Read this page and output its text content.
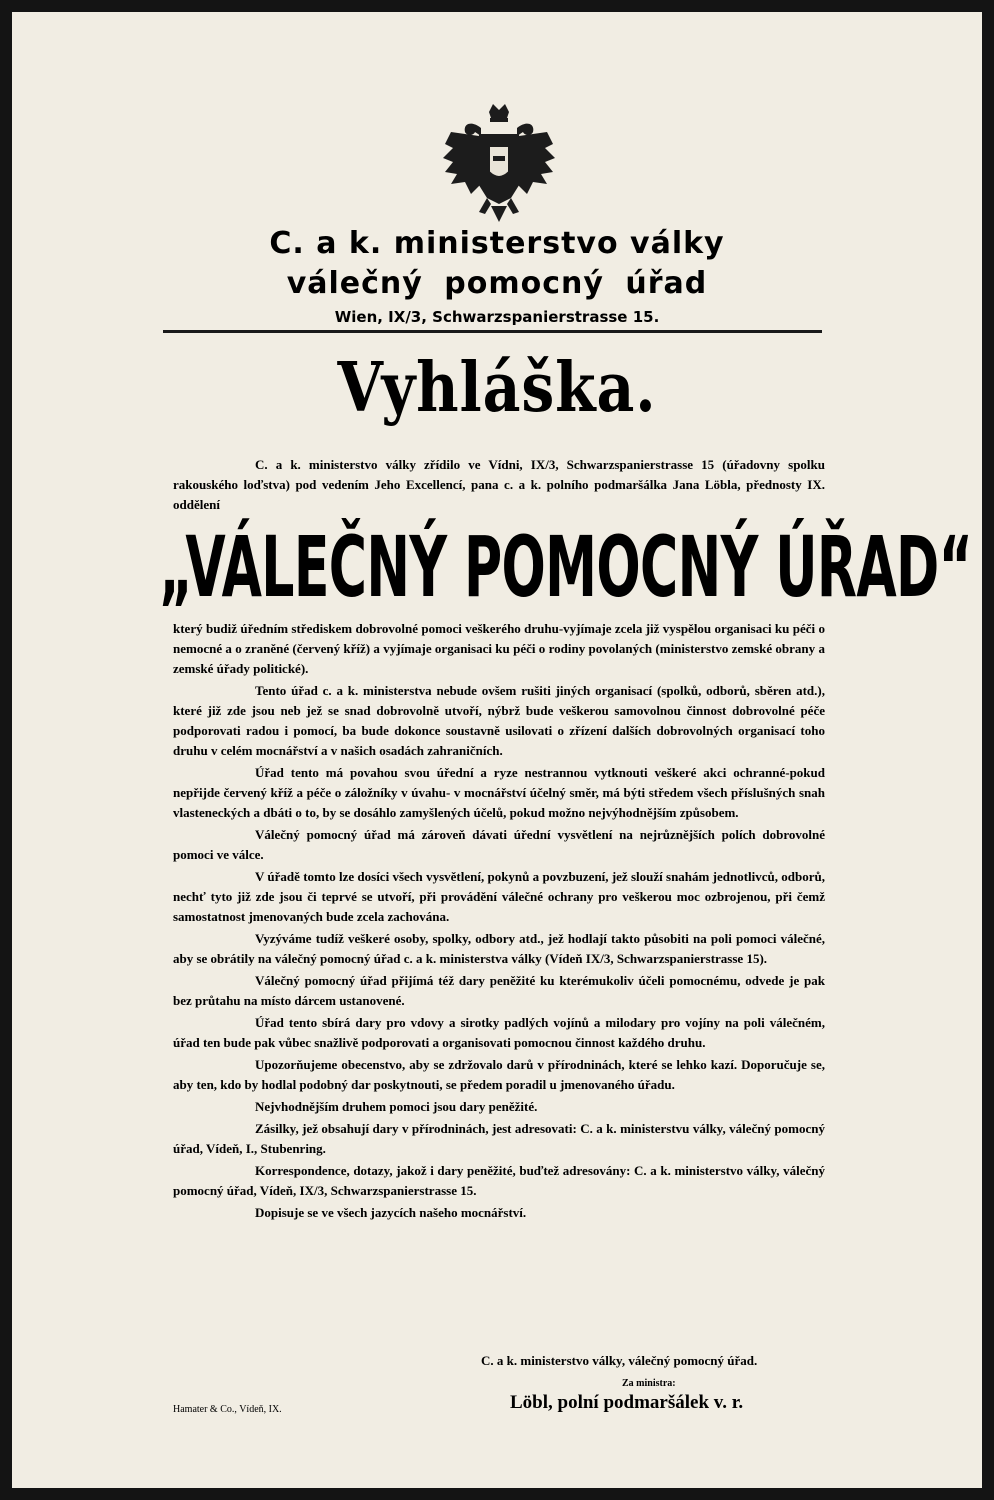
C. a k. ministerstvo války
válečný pomocný úřad
Wien, IX/3, Schwarzspanierstrasse 15.
Vyhláška.
C. a k. ministerstvo války zřídilo ve Vídni, IX/3, Schwarzspanierstrasse 15 (úřadovny spolku rakouského loďstva) pod vedením Jeho Excellencí, pana c. a k. polního podmaršálka Jana Löbla, přednosty IX. oddělení
„VÁLEČNÝ POMOCNÝ ÚŘAD“

který budiž úředním střediskem dobrovolné pomoci veškerého druhu-vyjímaje zcela již vyspělou organisaci ku péči o nemocné a o zraněné (červený kříž) a vyjímaje organisaci ku péči o rodiny povolaných (ministerstvo zemské obrany a zemské úřady politické).

Tento úřad c. a k. ministerstva nebude ovšem rušiti jiných organisací (spolků, odborů, sběren atd.), které již zde jsou neb jež se snad dobrovolně utvoří, nýbrž bude veškerou samovolnou činnost dobrovolné péče podporovati radou i pomocí, ba bude dokonce soustavně usilovati o zřízení dalších dobrovolných organisací toho druhu v celém mocnářství a v našich osadách zahraničních.

Úřad tento má povahou svou úřední a ryze nestrannou vytknouti veškeré akci ochranné-pokud nepřijde červený kříž a péče o záložníky v úvahu- v mocnářství účelný směr, má býti středem všech příslušných snah vlasteneckých a dbáti o to, by se dosáhlo zamyšlených účelů, pokud možno nejvýhodnějším způsobem.

Válečný pomocný úřad má zároveň dávati úřední vysvětlení na nejrůznějších polích dobrovolné pomoci ve válce.

V úřadě tomto lze dosíci všech vysvětlení, pokynů a povzbuzení, jež slouží snahám jednotlivců, odborů, nechť tyto již zde jsou či teprvé se utvoří, při provádění válečné ochrany pro veškerou moc ozbrojenou, při čemž samostatnost jmenovaných bude zcela zachována.

Vyzýváme tudíž veškeré osoby, spolky, odbory atd., jež hodlají takto působiti na poli pomoci válečné, aby se obrátily na válečný pomocný úřad c. a k. ministerstva války (Vídeň IX/3, Schwarzspanierstrasse 15).

Válečný pomocný úřad přijímá též dary peněžité ku kterémukoliv účeli pomocnému, odvede je pak bez průtahu na místo dárcem ustanovené.

Úřad tento sbírá dary pro vdovy a sirotky padlých vojínů a milodary pro vojíny na poli válečném, úřad ten bude pak vůbec snažlivě podporovati a organisovati pomocnou činnost každého druhu.

Upozorňujeme obecenstvo, aby se zdržovalo darů v přírodninách, které se lehko kazí. Doporučuje se, aby ten, kdo by hodlal podobný dar poskytnouti, se předem poradil u jmenovaného úřadu.

Nejvhodnějším druhem pomoci jsou dary peněžité.

Zásilky, jež obsahují dary v přírodninách, jest adresovati: C. a k. ministerstvu války, válečný pomocný úřad, Vídeň, I., Stubenring.

Korrespondence, dotazy, jakož i dary peněžité, buďtež adresovány: C. a k. ministerstvo války, válečný pomocný úřad, Vídeň, IX/3, Schwarzspanierstrasse 15.

Dopisuje se ve všech jazycích našeho mocnářství.

C. a k. ministerstvo války, válečný pomocný úřad.
Za ministra:
Löbl, polní podmaršálek v. r.
Hamater & Co., Vídeň, IX.
